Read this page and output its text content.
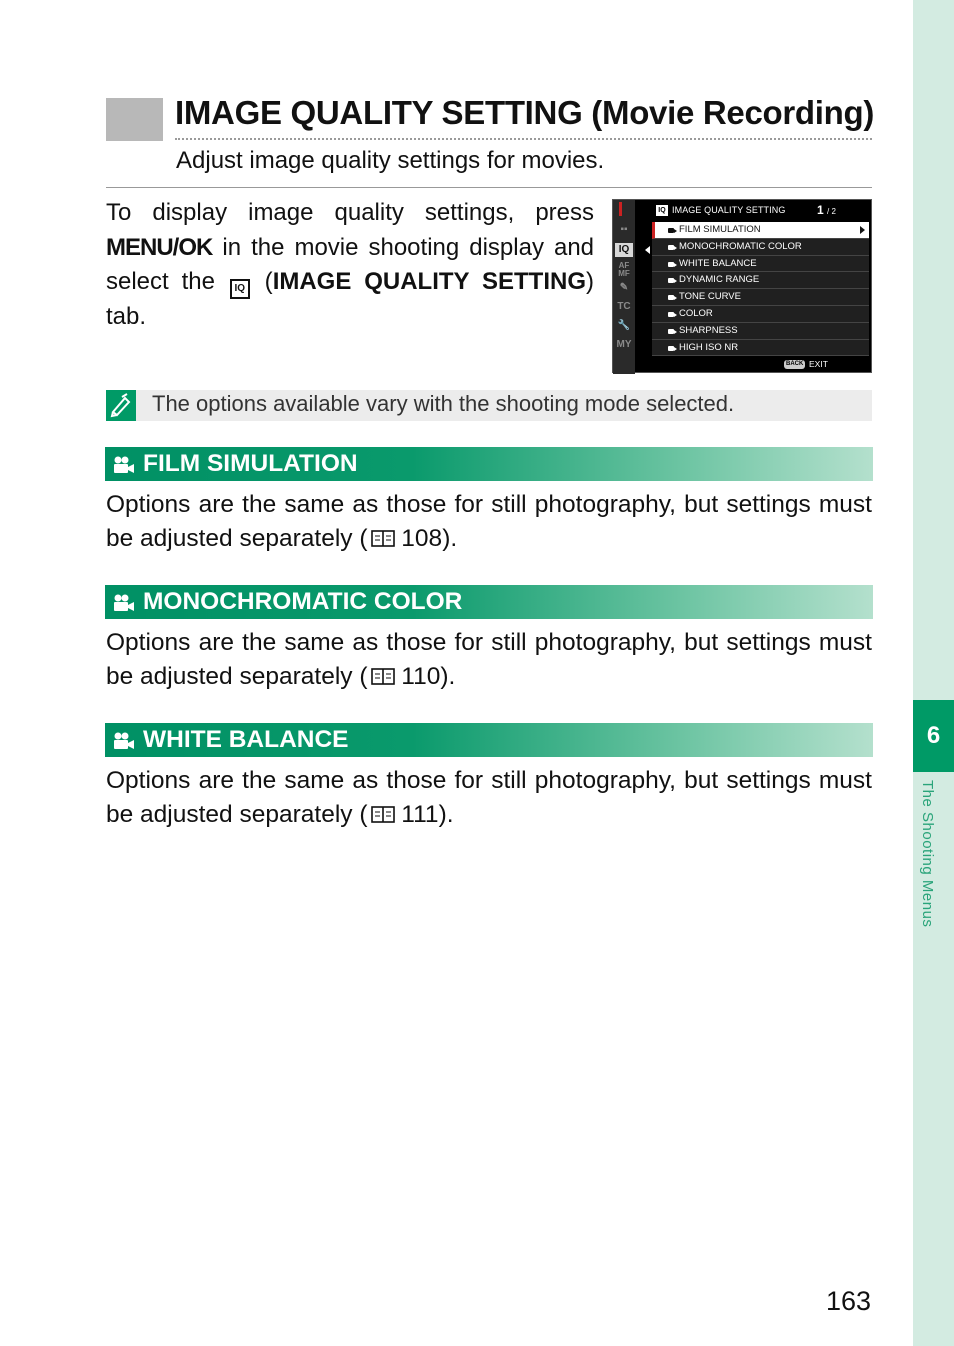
6
The Shooting Menus
IMAGE QUALITY SETTING (Movie Recording)
Adjust image quality settings for movies.

To display image quality settings, press MENU/OK in the movie shooting display and select the IQ (IMAGE QUALITY SETTING) tab.

▪▪
IQ
AF MF
✎
TC
🔧
MY
IQ IMAGE QUALITY SETTING	1 / 2
FILM SIMULATION
MONOCHROMATIC COLOR
WHITE BALANCE
DYNAMIC RANGE
TONE CURVE
COLOR
SHARPNESS
HIGH ISO NR
BACK EXIT
The options available vary with the shooting mode selected.
FILM SIMULATION

Options are the same as those for still photography, but settings must be adjusted separately ( 108).

MONOCHROMATIC COLOR

Options are the same as those for still photography, but settings must be adjusted separately ( 110).

WHITE BALANCE

Options are the same as those for still photography, but settings must be adjusted separately ( 111).

163
